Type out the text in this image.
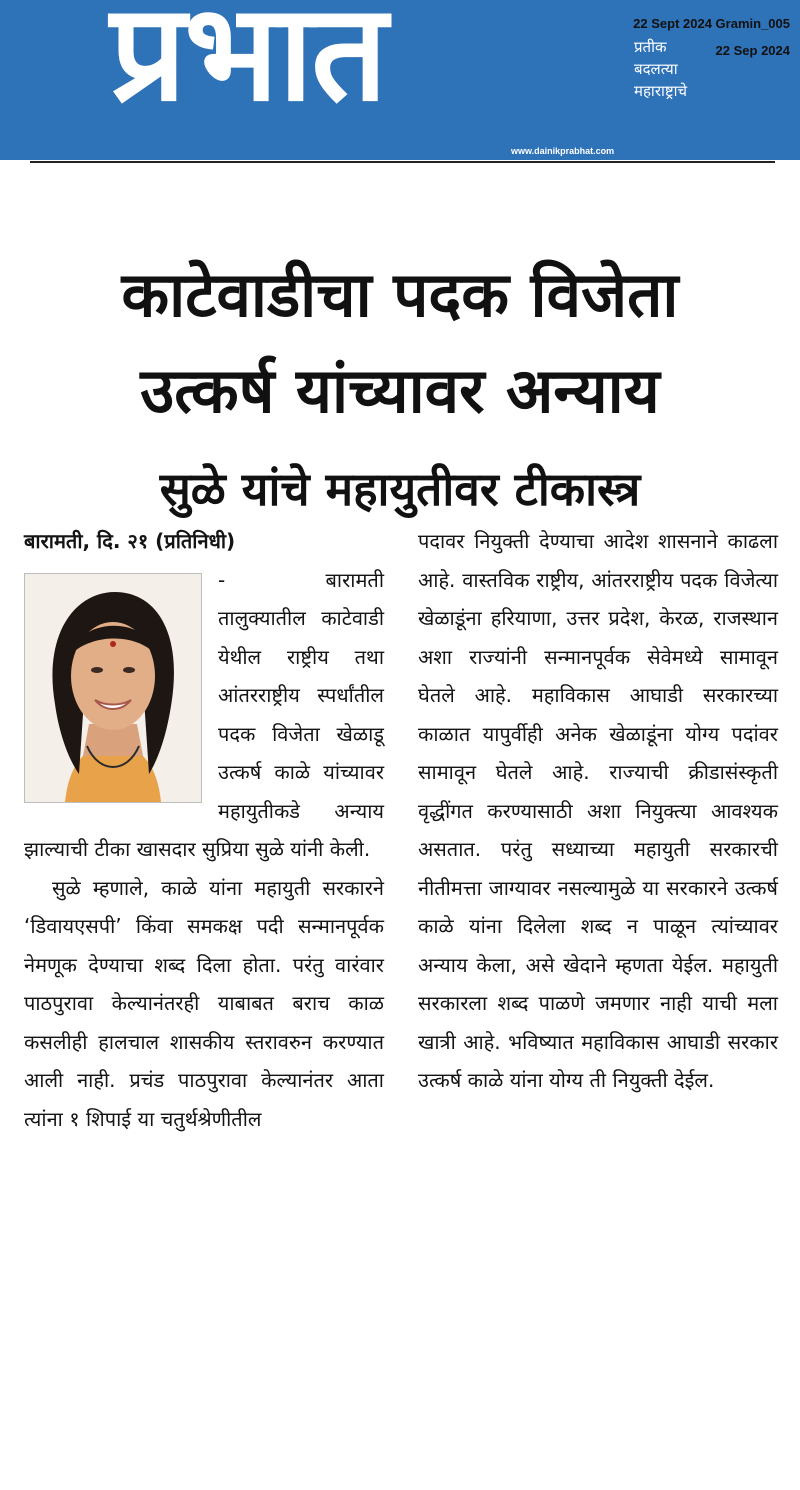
प्रभात	प्रतीक
बदलत्या
महाराष्ट्राचे
www.dainikprabhat.com
22 Sept 2024 Gramin_005
22 Sep 2024
काटेवाडीचा पदक विजेता
उत्कर्ष यांच्यावर अन्याय
सुळे यांचे महायुतीवर टीकास्त्र
बारामती, दि. २१ (प्रतिनिधी)

- बारामती तालुक्यातील काटेवाडी येथील राष्ट्रीय तथा आंतरराष्ट्रीय स्पर्धांतील पदक विजेता खेळाडू उत्कर्ष काळे यांच्यावर महायुतीकडे अन्याय झाल्याची टीका खासदार सुप्रिया सुळे यांनी केली.

सुळे म्हणाले, काळे यांना महायुती सरकारने ‘डिवायएसपी’ किंवा समकक्ष पदी सन्मानपूर्वक नेमणूक देण्याचा शब्द दिला होता. परंतु वारंवार पाठपुरावा केल्यानंतरही याबाबत बराच काळ कसलीही हालचाल शासकीय स्तरावरुन करण्यात आली नाही. प्रचंड पाठपुरावा केल्यानंतर आता त्यांना १ शिपाई या चतुर्थश्रेणीतील

पदावर नियुक्ती देण्याचा आदेश शासनाने काढला आहे. वास्तविक राष्ट्रीय, आंतरराष्ट्रीय पदक विजेत्या खेळाडूंना हरियाणा, उत्तर प्रदेश, केरळ, राजस्थान अशा राज्यांनी सन्मानपूर्वक सेवेमध्ये सामावून घेतले आहे. महाविकास आघाडी सरकारच्या काळात यापुर्वीही अनेक खेळाडूंना योग्य पदांवर सामावून घेतले आहे. राज्याची क्रीडासंस्कृती वृद्धींगत करण्यासाठी अशा नियुक्त्या आवश्यक असतात. परंतु सध्याच्या महायुती सरकारची नीतीमत्ता जाग्यावर नसल्यामुळे या सरकारने उत्कर्ष काळे यांना दिलेला शब्द न पाळून त्यांच्यावर अन्याय केला, असे खेदाने म्हणता येईल. महायुती सरकारला शब्द पाळणे जमणार नाही याची मला खात्री आहे. भविष्यात महाविकास आघाडी सरकार उत्कर्ष काळे यांना योग्य ती नियुक्ती देईल.
